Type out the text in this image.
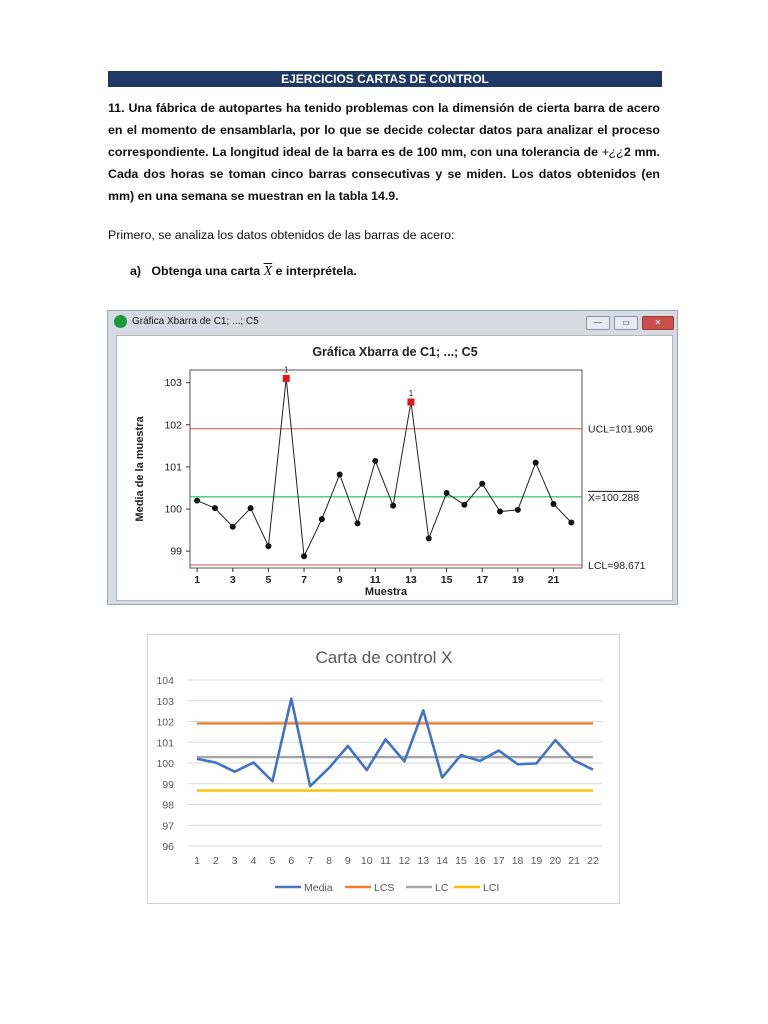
EJERCICIOS CARTAS DE CONTROL
11. Una fábrica de autopartes ha tenido problemas con la dimensión de cierta barra de acero en el momento de ensamblarla, por lo que se decide colectar datos para analizar el proceso correspondiente. La longitud ideal de la barra es de 100 mm, con una tolerancia de +¿¿2 mm. Cada dos horas se toman cinco barras consecutivas y se miden. Los datos obtenidos (en mm) en una semana se muestran en la tabla 14.9.
Primero, se analiza los datos obtenidos de las barras de acero:
a) Obtenga una carta $\overline{X}$ e interprétela.
Gráfica Xbarra de C1; ...; C5	—	▭	✕
Gráfica Xbarra de C1; ...; C5
UCL=101.906
X=100.288
LCL=98.671
99
100
101
102
103
1	3	5	7	9	11 13 15 17 19 21
Muestra
Media de la muestra
1
1
Carta de control X
96
97
98
99
100
101
102
103
104
1 2 3 4 5 6 7 8 9 10 11 12 13 14 15 16 17 18 19 20 21 22
Media	LCS	LC	LCI
